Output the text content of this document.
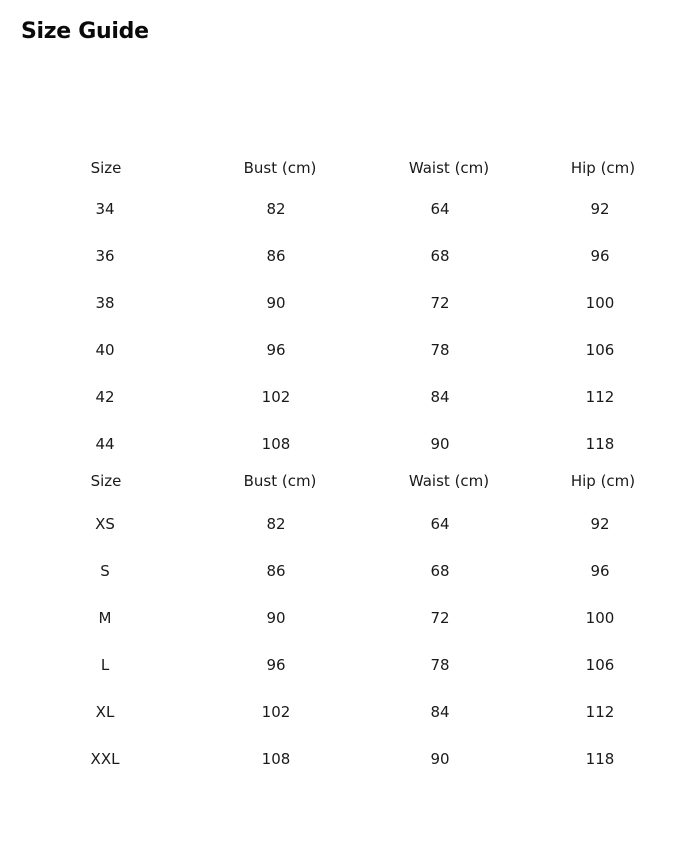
Size Guide
Size	Bust (cm)	Waist (cm)	Hip (cm)
34	82	64	92
36	86	68	96
38	90	72	100
40	96	78	106
42	102	84	112
44	108	90	118
Size	Bust (cm)	Waist (cm)	Hip (cm)
XS	82	64	92
S	86	68	96
M	90	72	100
L	96	78	106
XL	102	84	112
XXL	108	90	118
